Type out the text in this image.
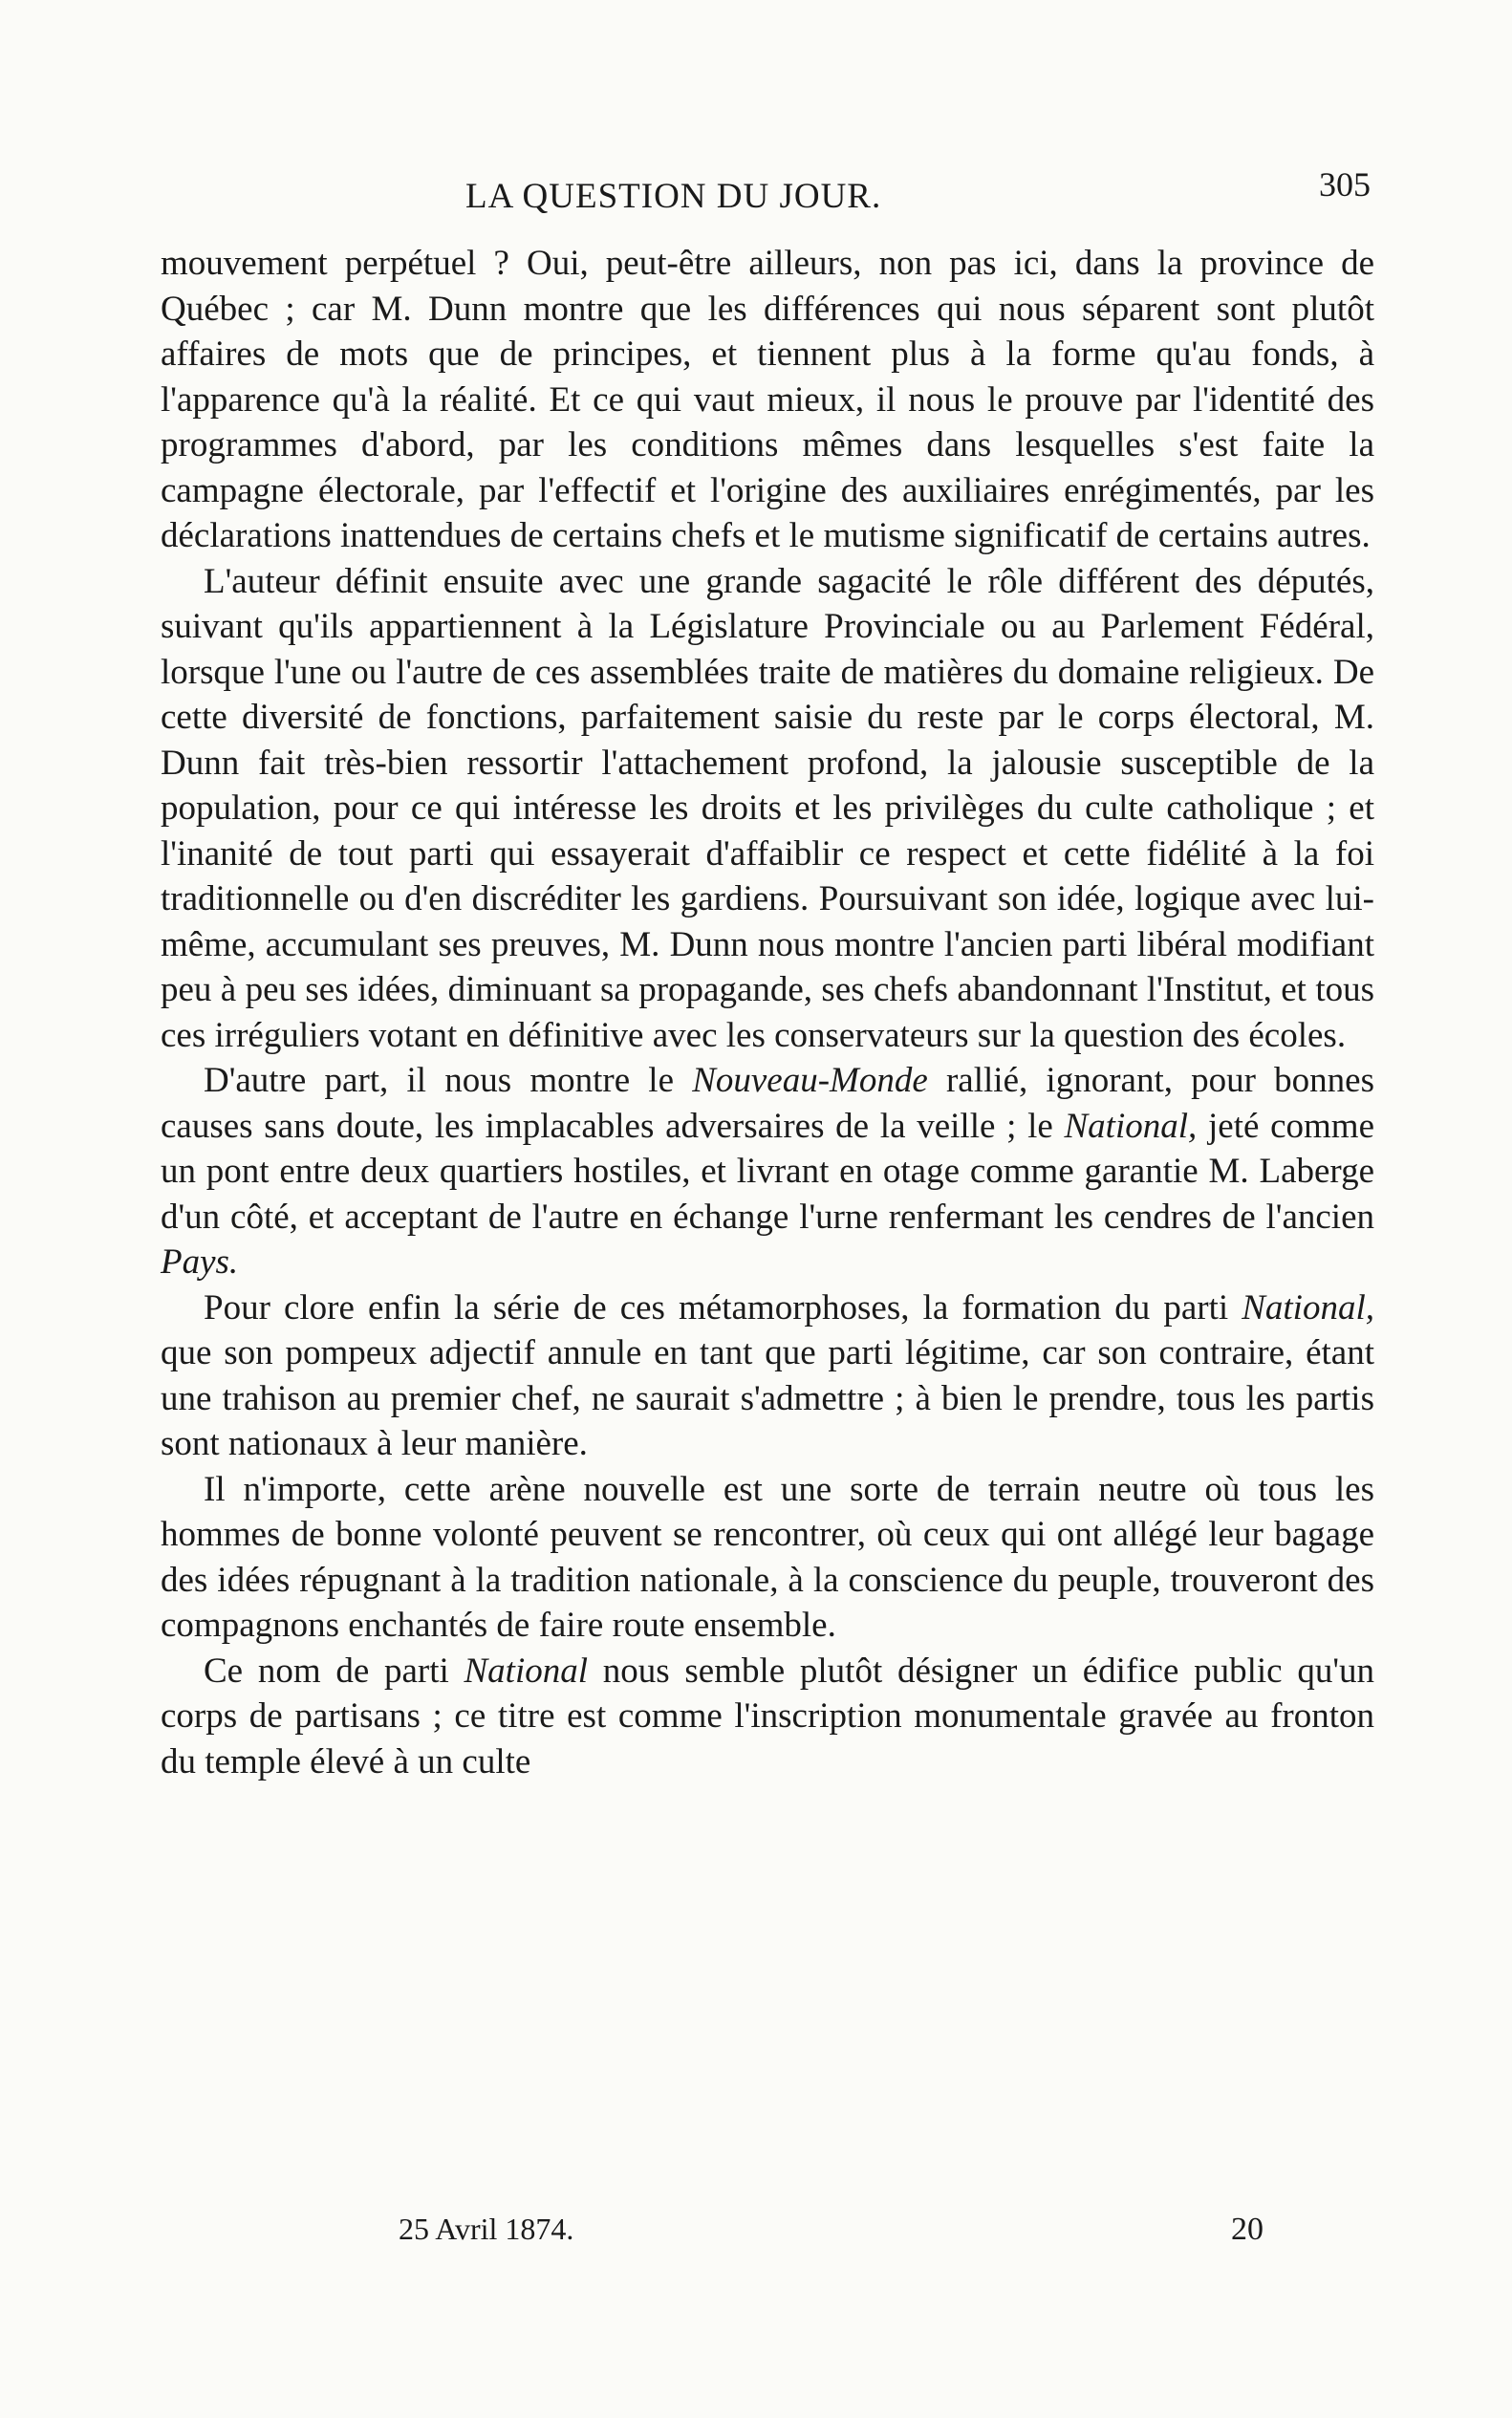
LA QUESTION DU JOUR.	305

mouvement perpétuel ? Oui, peut-être ailleurs, non pas ici, dans la province de Québec ; car M. Dunn montre que les différences qui nous séparent sont plutôt affaires de mots que de principes, et tiennent plus à la forme qu'au fonds, à l'apparence qu'à la réalité. Et ce qui vaut mieux, il nous le prouve par l'identité des programmes d'abord, par les conditions mêmes dans lesquelles s'est faite la campagne électorale, par l'effectif et l'origine des auxiliaires enrégimentés, par les déclarations inattendues de certains chefs et le mutisme significatif de certains autres.

L'auteur définit ensuite avec une grande sagacité le rôle différent des députés, suivant qu'ils appartiennent à la Législature Provinciale ou au Parlement Fédéral, lorsque l'une ou l'autre de ces assemblées traite de matières du domaine religieux. De cette diversité de fonctions, parfaitement saisie du reste par le corps électoral, M. Dunn fait très-bien ressortir l'attachement profond, la jalousie susceptible de la population, pour ce qui intéresse les droits et les privilèges du culte catholique ; et l'inanité de tout parti qui essayerait d'affaiblir ce respect et cette fidélité à la foi traditionnelle ou d'en discréditer les gardiens. Poursuivant son idée, logique avec lui-même, accumulant ses preuves, M. Dunn nous montre l'ancien parti libéral modifiant peu à peu ses idées, diminuant sa propagande, ses chefs abandonnant l'Institut, et tous ces irréguliers votant en définitive avec les conservateurs sur la question des écoles.

D'autre part, il nous montre le Nouveau-Monde rallié, ignorant, pour bonnes causes sans doute, les implacables adversaires de la veille ; le National, jeté comme un pont entre deux quartiers hostiles, et livrant en otage comme garantie M. Laberge d'un côté, et acceptant de l'autre en échange l'urne renfermant les cendres de l'ancien Pays.

Pour clore enfin la série de ces métamorphoses, la formation du parti National, que son pompeux adjectif annule en tant que parti légitime, car son contraire, étant une trahison au premier chef, ne saurait s'admettre ; à bien le prendre, tous les partis sont nationaux à leur manière.

Il n'importe, cette arène nouvelle est une sorte de terrain neutre où tous les hommes de bonne volonté peuvent se rencontrer, où ceux qui ont allégé leur bagage des idées répugnant à la tradition nationale, à la conscience du peuple, trouveront des compagnons enchantés de faire route ensemble.

Ce nom de parti National nous semble plutôt désigner un édifice public qu'un corps de partisans ; ce titre est comme l'inscription monumentale gravée au fronton du temple élevé à un culte

25 Avril 1874.	20
